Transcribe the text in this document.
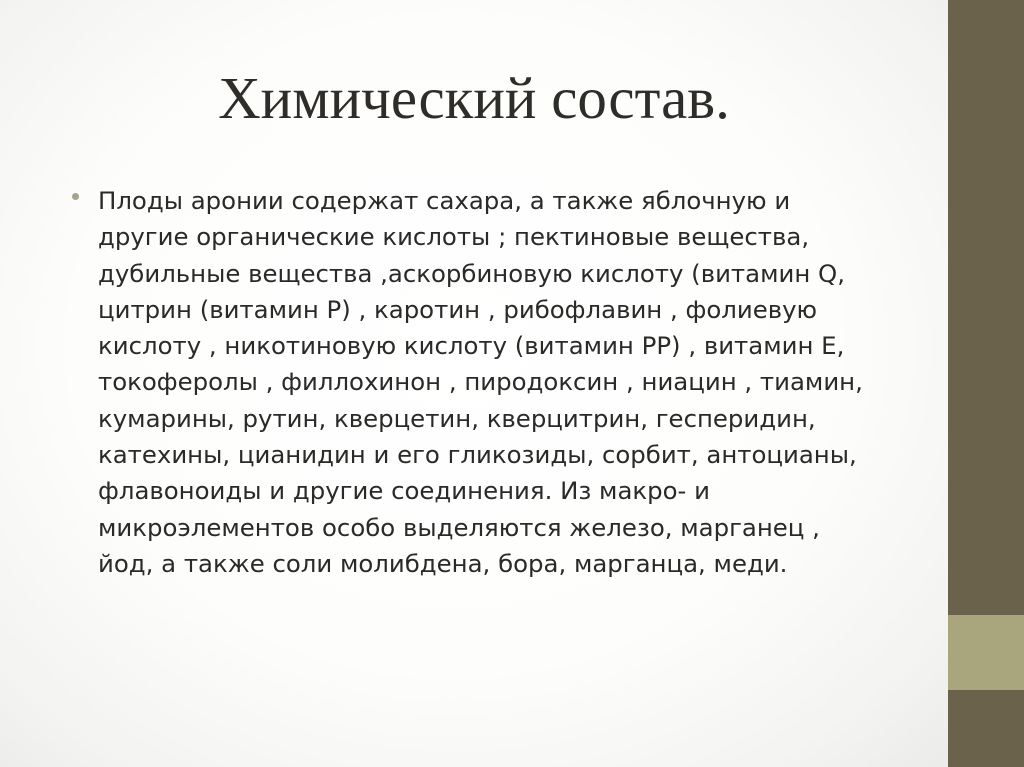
Химический состав.

Плоды аронии содержат сахара, а также яблочную и
другие органические кислоты ; пектиновые вещества,
дубильные вещества ,аскорбиновую кислоту (витамин Q,
цитрин (витамин Р) , каротин , рибофлавин , фолиевую
кислоту , никотиновую кислоту (витамин РР) , витамин Е,
токоферолы , филлохинон , пиродоксин , ниацин , тиамин,
кумарины, рутин, кверцетин, кверцитрин, гесперидин,
катехины, цианидин и его гликозиды, сорбит, антоцианы,
флавоноиды и другие соединения. Из макро- и
микроэлементов особо выделяются железо, марганец ,
йод, а также соли молибдена, бора, марганца, меди.
